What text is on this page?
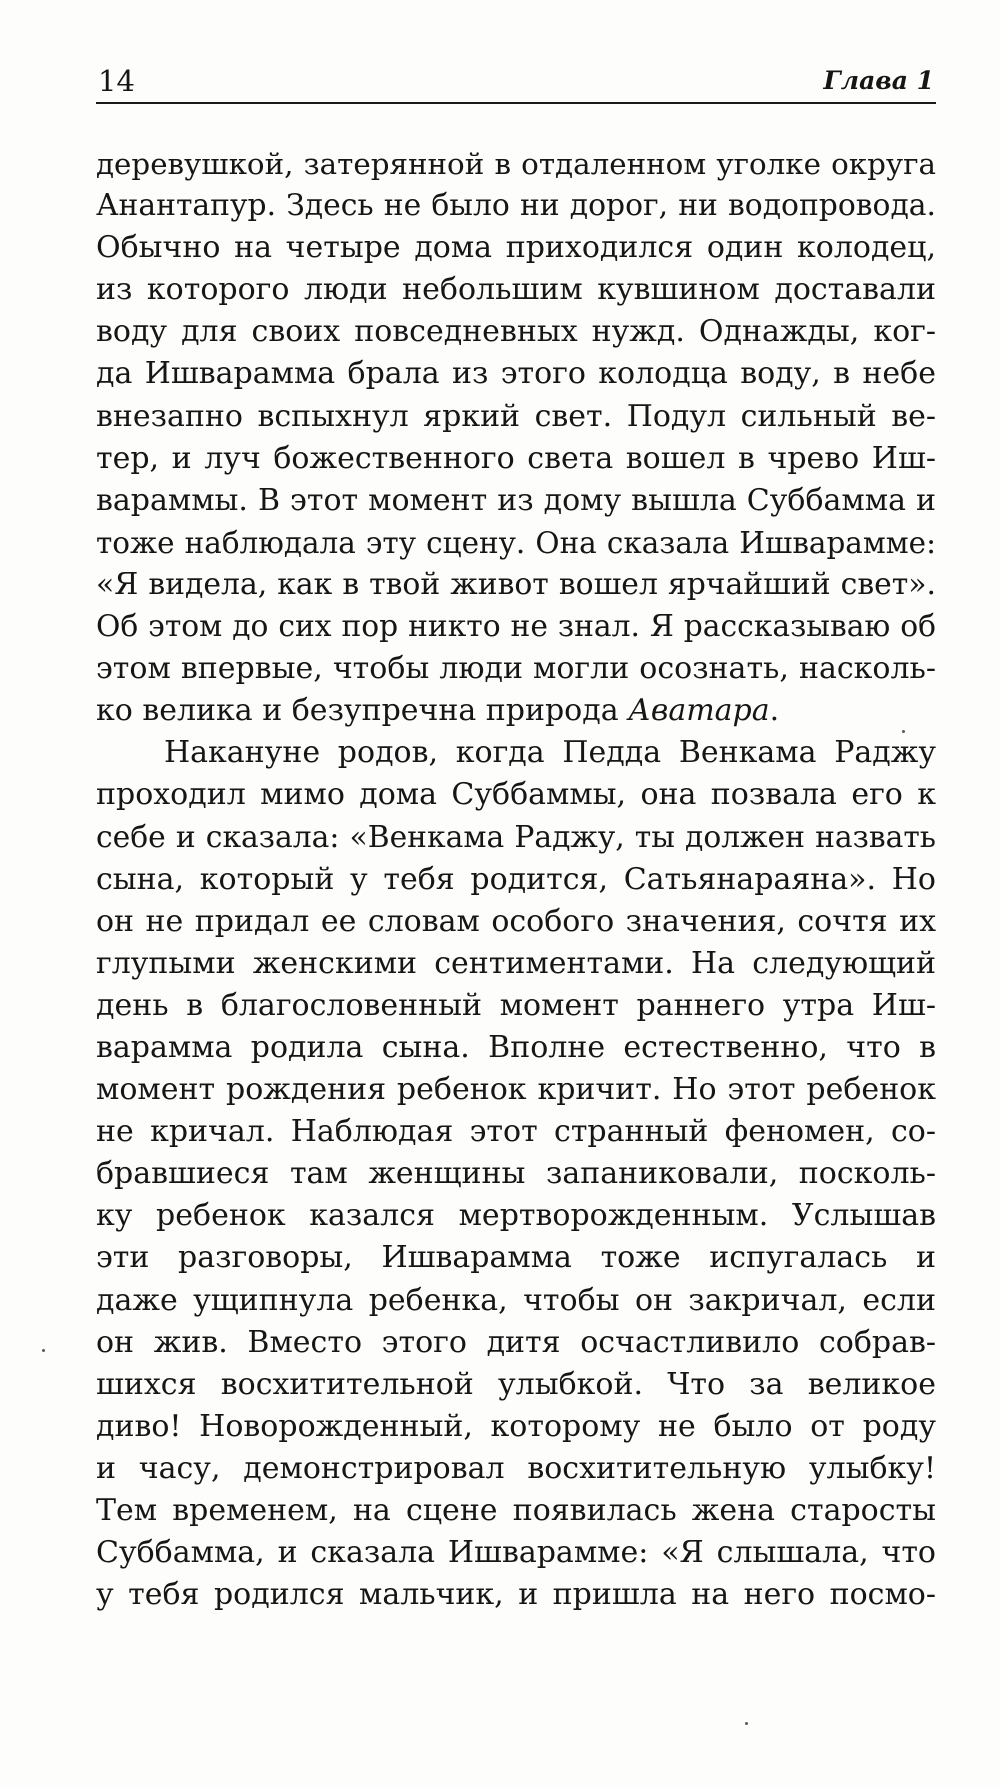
14	Глава 1
деревушкой, затерянной в отдаленном уголке округа
Анантапур. Здесь не было ни дорог, ни водопровода.
Обычно на четыре дома приходился один колодец,
из которого люди небольшим кувшином доставали
воду для своих повседневных нужд. Однажды, ког-
да Ишварамма брала из этого колодца воду, в небе
внезапно вспыхнул яркий свет. Подул сильный ве-
тер, и луч божественного света вошел в чрево Иш-
вараммы. В этот момент из дому вышла Суббамма и
тоже наблюдала эту сцену. Она сказала Ишварамме:
«Я видела, как в твой живот вошел ярчайший свет».
Об этом до сих пор никто не знал. Я рассказываю об
этом впервые, чтобы люди могли осознать, насколь-
ко велика и безупречна природа Аватара.
Накануне родов, когда Педда Венкама Раджу
проходил мимо дома Суббаммы, она позвала его к
себе и сказала: «Венкама Раджу, ты должен назвать
сына, который у тебя родится, Сатьянараяна». Но
он не придал ее словам особого значения, сочтя их
глупыми женскими сентиментами. На следующий
день в благословенный момент раннего утра Иш-
варамма родила сына. Вполне естественно, что в
момент рождения ребенок кричит. Но этот ребенок
не кричал. Наблюдая этот странный феномен, со-
бравшиеся там женщины запаниковали, посколь-
ку ребенок казался мертворожденным. Услышав
эти разговоры, Ишварамма тоже испугалась и
даже ущипнула ребенка, чтобы он закричал, если
он жив. Вместо этого дитя осчастливило собрав-
шихся восхитительной улыбкой. Что за великое
диво! Новорожденный, которому не было от роду
и часу, демонстрировал восхитительную улыбку!
Тем временем, на сцене появилась жена старосты
Суббамма, и сказала Ишварамме: «Я слышала, что
у тебя родился мальчик, и пришла на него посмо-
